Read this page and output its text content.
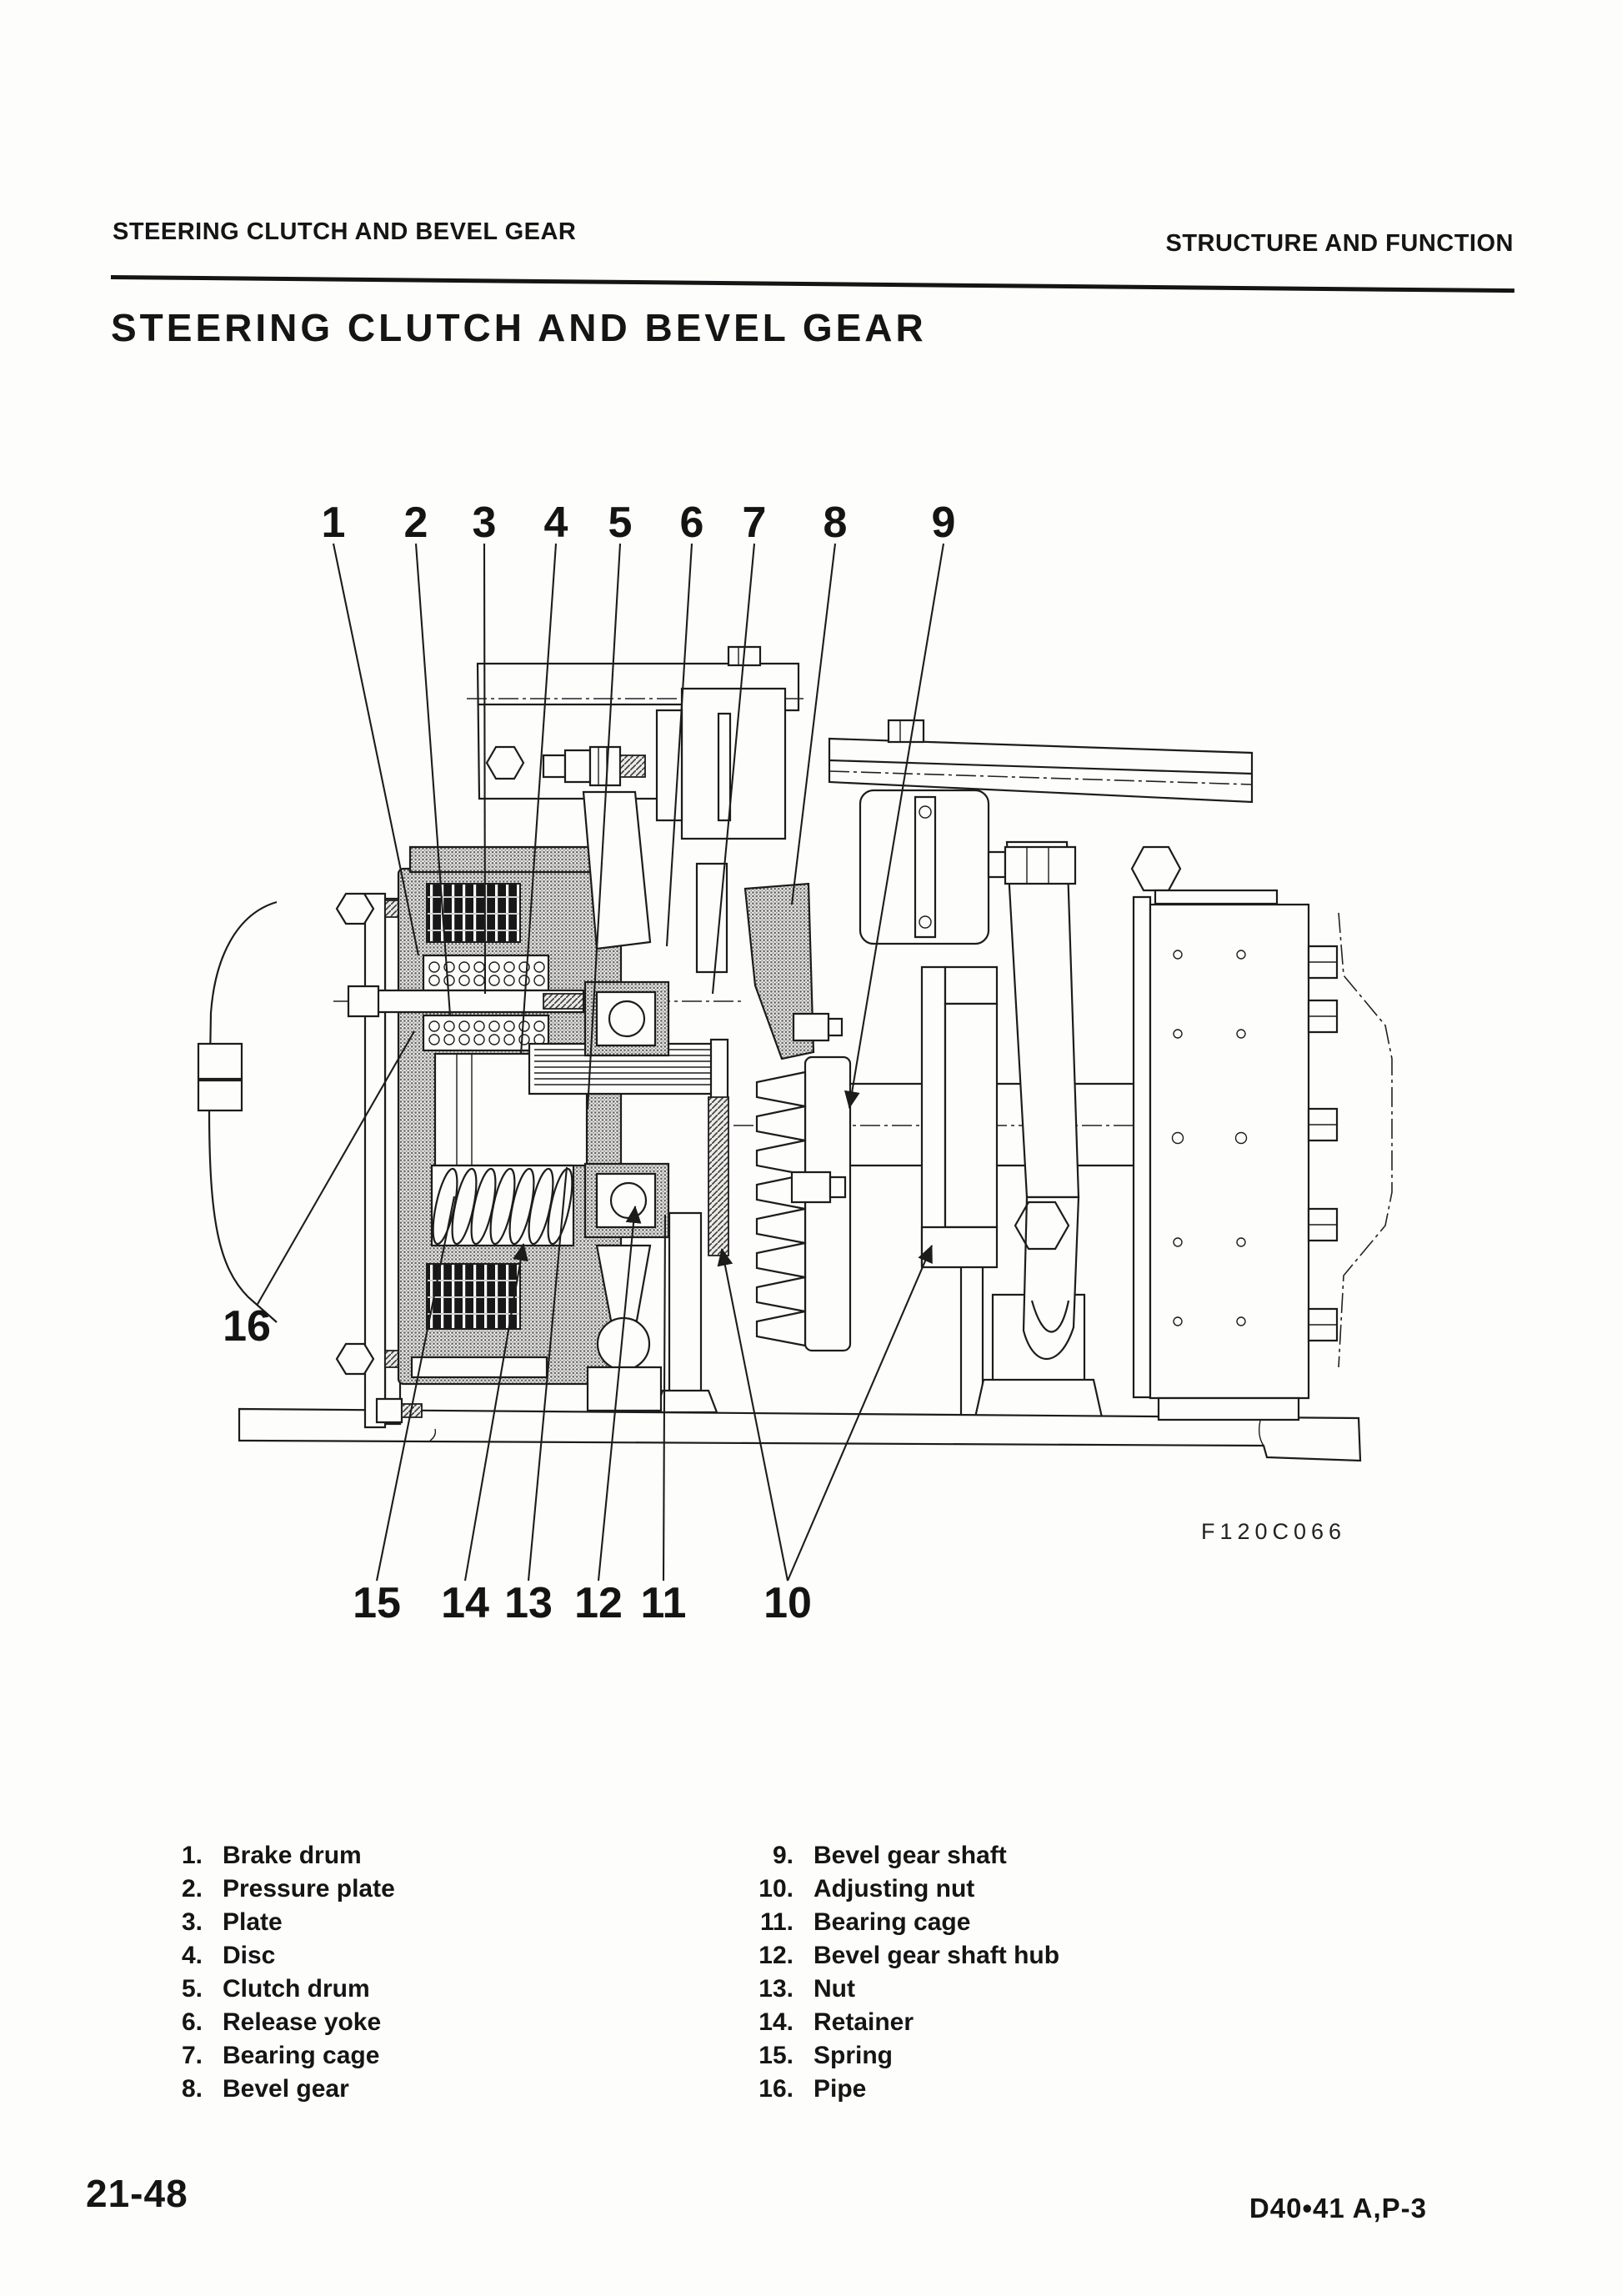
STEERING CLUTCH AND BEVEL GEAR	STRUCTURE AND FUNCTION
STEERING CLUTCH AND BEVEL GEAR
1 2 3 4 5 6 7 8 9
16
15 14 13 12 11 10
F120C066
1. Brake drum
2. Pressure plate
3. Plate
4. Disc
5. Clutch drum
6. Release yoke
7. Bearing cage
8. Bevel gear
9. Bevel gear shaft
10. Adjusting nut
11. Bearing cage
12. Bevel gear shaft hub
13. Nut
14. Retainer
15. Spring
16. Pipe
21-48	D40•41 A,P-3
